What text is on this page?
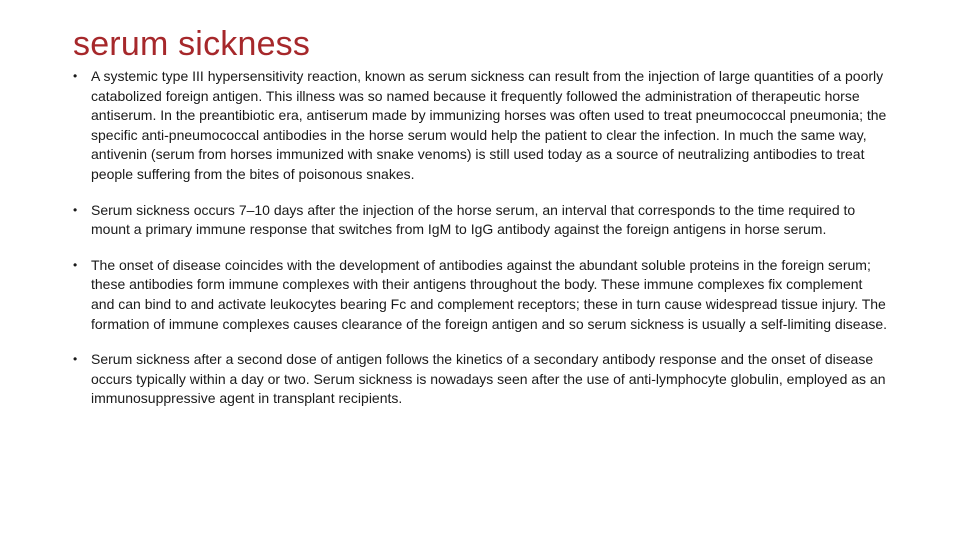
serum sickness
• A systemic type III hypersensitivity reaction, known as serum sickness can result from the injection of large quantities of a poorly catabolized foreign antigen. This illness was so named because it frequently followed the administration of therapeutic horse antiserum. In the preantibiotic era, antiserum made by immunizing horses was often used to treat pneumococcal pneumonia; the specific anti-pneumococcal antibodies in the horse serum would help the patient to clear the infection. In much the same way, antivenin (serum from horses immunized with snake venoms) is still used today as a source of neutralizing antibodies to treat people suffering from the bites of poisonous snakes.
• Serum sickness occurs 7–10 days after the injection of the horse serum, an interval that corresponds to the time required to mount a primary immune response that switches from IgM to IgG antibody against the foreign antigens in horse serum.
• The onset of disease coincides with the development of antibodies against the abundant soluble proteins in the foreign serum; these antibodies form immune complexes with their antigens throughout the body. These immune complexes fix complement and can bind to and activate leukocytes bearing Fc and complement receptors; these in turn cause widespread tissue injury. The formation of immune complexes causes clearance of the foreign antigen and so serum sickness is usually a self-limiting disease.
• Serum sickness after a second dose of antigen follows the kinetics of a secondary antibody response and the onset of disease occurs typically within a day or two. Serum sickness is nowadays seen after the use of anti-lymphocyte globulin, employed as an immunosuppressive agent in transplant recipients.
